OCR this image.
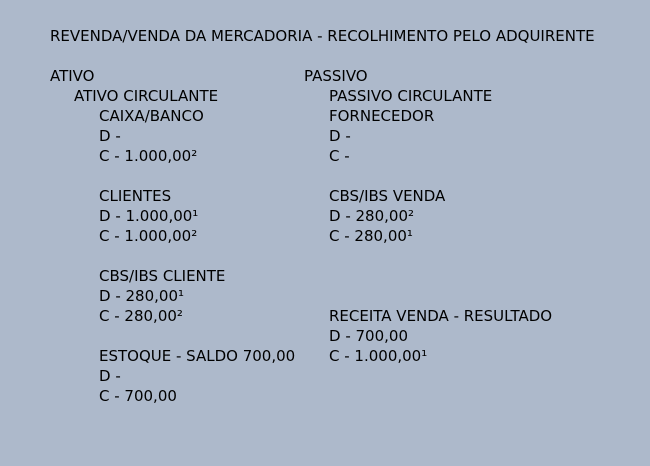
REVENDA/VENDA DA MERCADORIA - RECOLHIMENTO PELO ADQUIRENTE
ATIVO
ATIVO CIRCULANTE
CAIXA/BANCO
D -
C - 1.000,00²
CLIENTES
D - 1.000,00¹
C - 1.000,00²
CBS/IBS CLIENTE
D - 280,00¹
C - 280,00²
ESTOQUE - SALDO 700,00
D -
C - 700,00
PASSIVO
PASSIVO CIRCULANTE
FORNECEDOR
D -
C -
CBS/IBS VENDA
D - 280,00²
C - 280,00¹
RECEITA VENDA - RESULTADO
D - 700,00
C - 1.000,00¹
